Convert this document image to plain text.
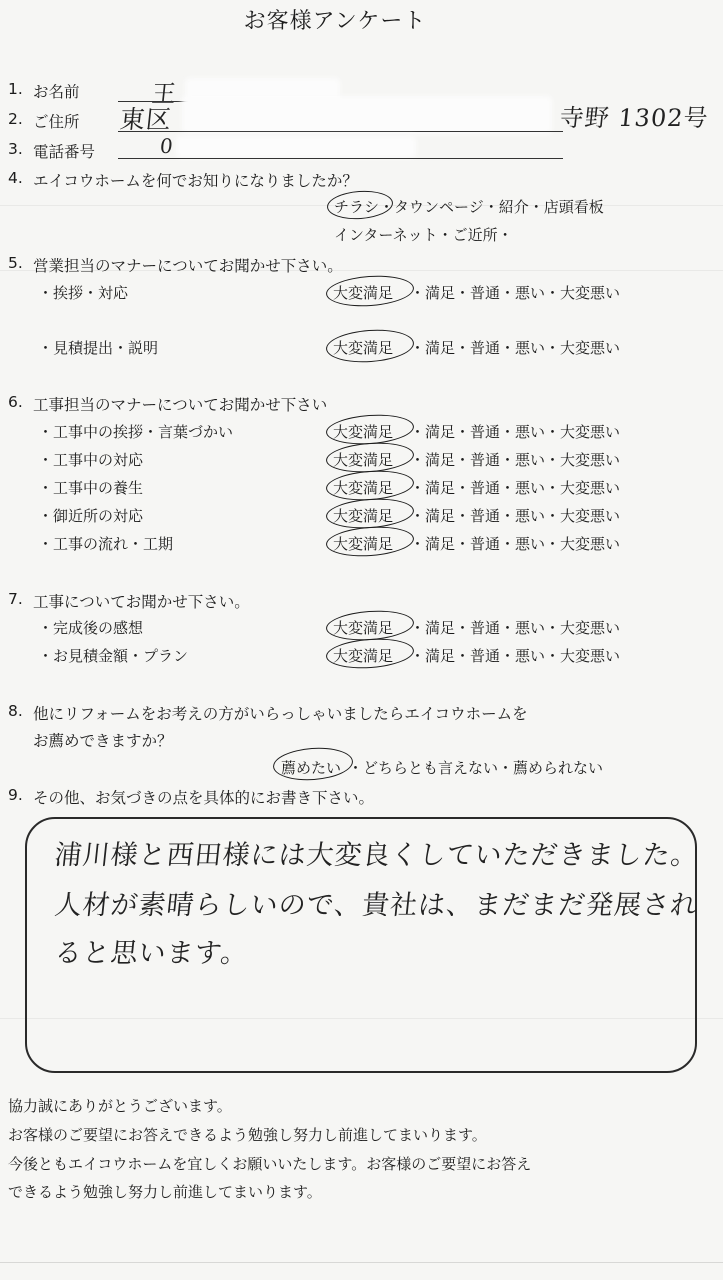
お客様アンケート
1. お名前	王
2. ご住所 東区	寺野 1302号
3. 電話番号	0
4. エイコウホームを何でお知りになりましたか？
チラシ・タウンページ・紹介・店頭看板
インターネット・ご近所・
5. 営業担当のマナーについてお聞かせ下さい。
・挨拶・対応	大変満足 ・満足・普通・悪い・大変悪い
・見積提出・説明	大変満足 ・満足・普通・悪い・大変悪い
6. 工事担当のマナーについてお聞かせ下さい
・工事中の挨拶・言葉づかい	大変満足 ・満足・普通・悪い・大変悪い
・工事中の対応	大変満足 ・満足・普通・悪い・大変悪い
・工事中の養生	大変満足 ・満足・普通・悪い・大変悪い
・御近所の対応	大変満足 ・満足・普通・悪い・大変悪い
・工事の流れ・工期	大変満足 ・満足・普通・悪い・大変悪い
7. 工事についてお聞かせ下さい。
・完成後の感想	大変満足 ・満足・普通・悪い・大変悪い
・お見積金額・プラン	大変満足 ・満足・普通・悪い・大変悪い
8. 他にリフォームをお考えの方がいらっしゃいましたらエイコウホームを
お薦めできますか？
薦めたい ・どちらとも言えない・薦められない
9. その他、お気づきの点を具体的にお書き下さい。
浦川様と西田様には大変良くしていただきました。
人材が素晴らしいので、貴社は、まだまだ発展され
ると思います。
協力誠にありがとうございます。
お客様のご要望にお答えできるよう勉強し努力し前進してまいります。
今後ともエイコウホームを宜しくお願いいたします。お客様のご要望にお答え
できるよう勉強し努力し前進してまいります。
